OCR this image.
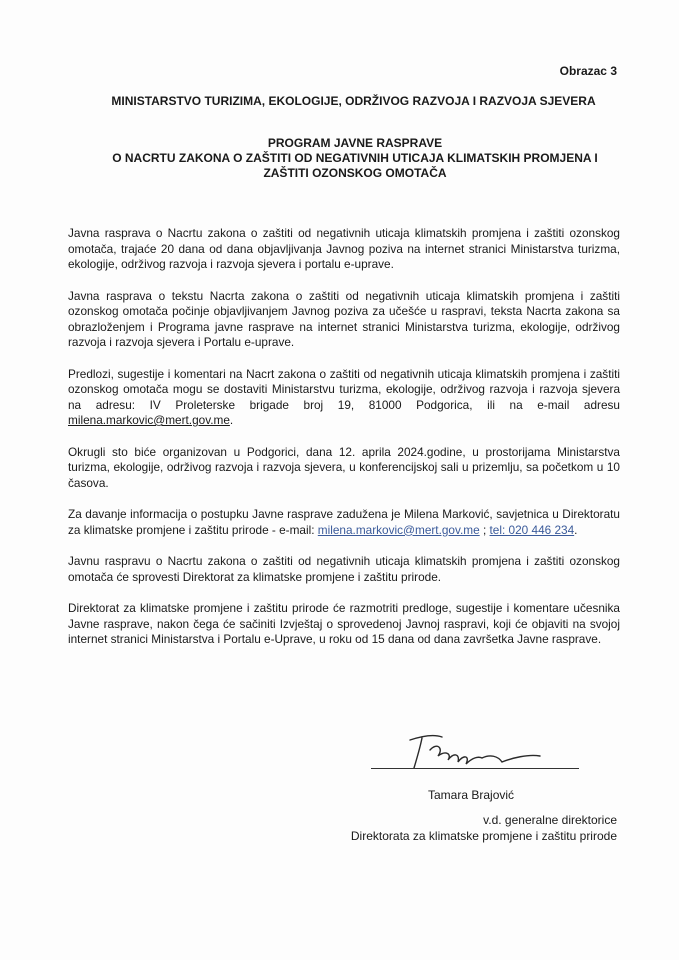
Obrazac 3
MINISTARSTVO TURIZIMA, EKOLOGIJE, ODRŽIVOG RAZVOJA I RAZVOJA SJEVERA
PROGRAM JAVNE RASPRAVE
O NACRTU ZAKONA O ZAŠTITI OD NEGATIVNIH UTICAJA KLIMATSKIH PROMJENA I
ZAŠTITI OZONSKOG OMOTAČA

Javna rasprava o Nacrtu zakona o zaštiti od negativnih uticaja klimatskih promjena i zaštiti ozonskog omotača, trajaće 20 dana od dana objavljivanja Javnog poziva na internet stranici Ministarstva turizma, ekologije, održivog razvoja i razvoja sjevera i portalu e-uprave.

Javna rasprava o tekstu Nacrta zakona o zaštiti od negativnih uticaja klimatskih promjena i zaštiti ozonskog omotača počinje objavljivanjem Javnog poziva za učešće u raspravi, teksta Nacrta zakona sa obrazloženjem i Programa javne rasprave na internet stranici Ministarstva turizma, ekologije, održivog razvoja i razvoja sjevera i Portalu e-uprave.

Predlozi, sugestije i komentari na Nacrt zakona o zaštiti od negativnih uticaja klimatskih promjena i zaštiti ozonskog omotača mogu se dostaviti Ministarstvu turizma, ekologije, održivog razvoja i razvoja sjevera na adresu: IV Proleterske brigade broj 19, 81000 Podgorica, ili na e-mail adresu milena.markovic@mert.gov.me.

Okrugli sto biće organizovan u Podgorici, dana 12. aprila 2024.godine, u prostorijama Ministarstva turizma, ekologije, održivog razvoja i razvoja sjevera, u konferencijskoj sali u prizemlju, sa početkom u 10 časova.

Za davanje informacija o postupku Javne rasprave zadužena je Milena Marković, savjetnica u Direktoratu za klimatske promjene i zaštitu prirode - e-mail: milena.markovic@mert.gov.me ; tel: 020 446 234.

Javnu raspravu o Nacrtu zakona o zaštiti od negativnih uticaja klimatskih promjena i zaštiti ozonskog omotača će sprovesti Direktorat za klimatske promjene i zaštitu prirode.

Direktorat za klimatske promjene i zaštitu prirode će razmotriti predloge, sugestije i komentare učesnika Javne rasprave, nakon čega će sačiniti Izvještaj o sprovedenoj Javnoj raspravi, koji će objaviti na svojoj internet stranici Ministarstva i Portalu e-Uprave, u roku od 15 dana od dana završetka Javne rasprave.

Tamara Brajović
v.d. generalne direktorice
Direktorata za klimatske promjene i zaštitu prirode
